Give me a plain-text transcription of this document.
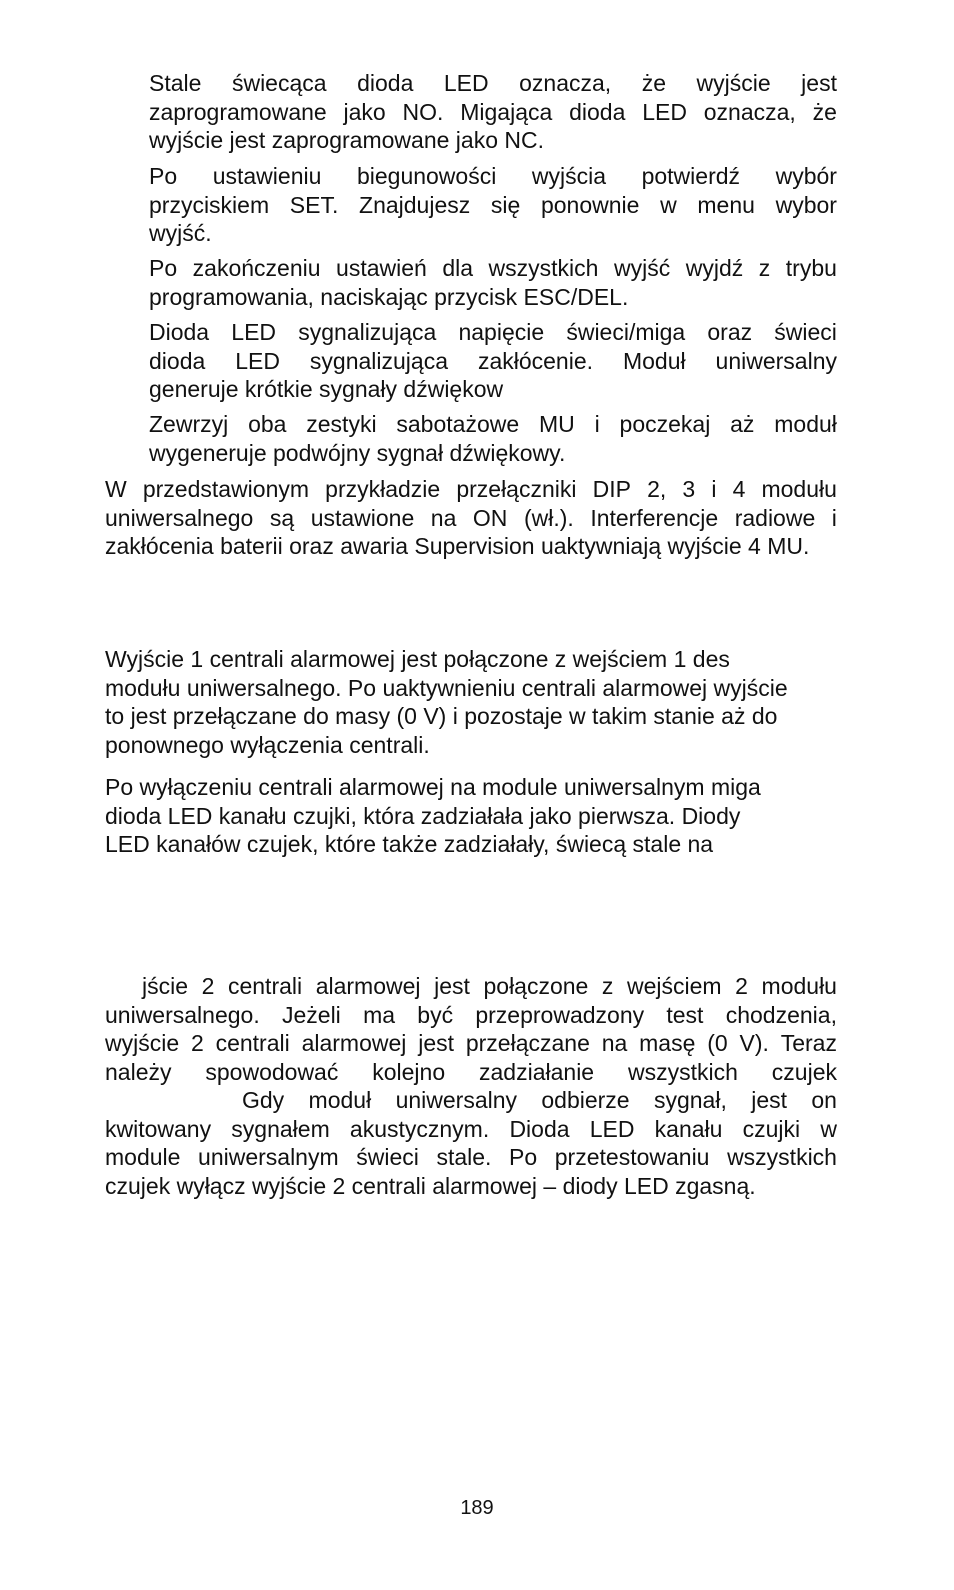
Stale świecąca dioda LED oznacza, że wyjście jest
zaprogramowane jako NO. Migająca dioda LED oznacza, że
wyjście jest zaprogramowane jako NC.
Po ustawieniu biegunowości wyjścia potwierdź wybór
przyciskiem SET. Znajdujesz się ponownie w menu wybor
wyjść.
Po zakończeniu ustawień dla wszystkich wyjść wyjdź z trybu
programowania, naciskając przycisk ESC/DEL.
Dioda LED sygnalizująca napięcie świeci/miga oraz świeci
dioda LED sygnalizująca zakłócenie. Moduł uniwersalny
generuje krótkie sygnały dźwiękow
Zewrzyj oba zestyki sabotażowe MU i poczekaj aż moduł
wygeneruje podwójny sygnał dźwiękowy.
W przedstawionym przykładzie przełączniki DIP 2, 3 i 4 modułu
uniwersalnego są ustawione na ON (wł.). Interferencje radiowe i
zakłócenia baterii oraz awaria Supervision uaktywniają wyjście 4 MU.
Wyjście 1 centrali alarmowej jest połączone z wejściem 1 des
modułu uniwersalnego. Po uaktywnieniu centrali alarmowej wyjście
to jest przełączane do masy (0 V) i pozostaje w takim stanie aż do
ponownego wyłączenia centrali.
Po wyłączeniu centrali alarmowej na module uniwersalnym miga
dioda LED kanału czujki, która zadziałała jako pierwsza. Diody
LED kanałów czujek, które także zadziałały, świecą stale na
jście 2 centrali alarmowej jest połączone z wejściem 2 modułu
uniwersalnego. Jeżeli ma być przeprowadzony test chodzenia,
wyjście 2 centrali alarmowej jest przełączane na masę (0 V). Teraz
należy spowodować kolejno zadziałanie wszystkich czujek
Gdy moduł uniwersalny odbierze sygnał, jest on
kwitowany sygnałem akustycznym. Dioda LED kanału czujki w
module uniwersalnym świeci stale. Po przetestowaniu wszystkich
czujek wyłącz wyjście 2 centrali alarmowej – diody LED zgasną.
189
